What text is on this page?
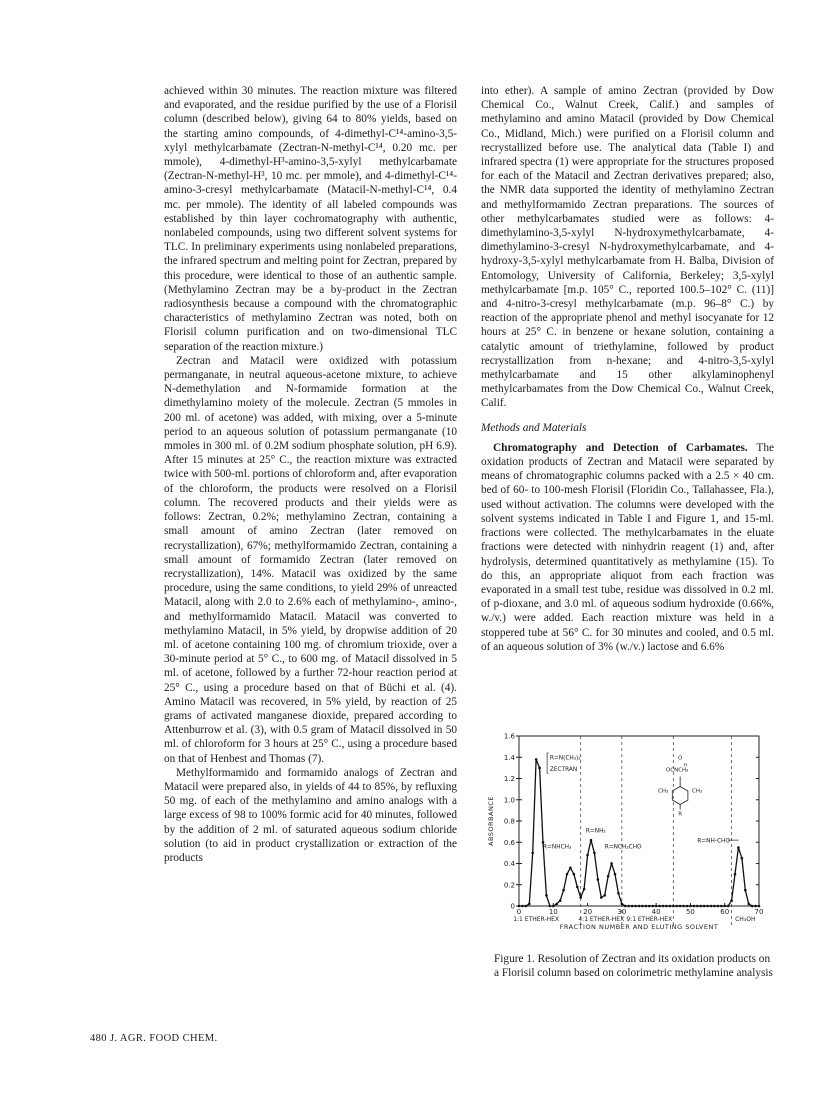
achieved within 30 minutes. The reaction mixture was filtered and evaporated, and the residue purified by the use of a Florisil column (described below), giving 64 to 80% yields, based on the starting amino compounds, of 4-dimethyl-C¹⁴-amino-3,5-xylyl methylcarbamate (Zectran-N-methyl-C¹⁴, 0.20 mc. per mmole), 4-dimethyl-H³-amino-3,5-xylyl methylcarbamate (Zectran-N-methyl-H³, 10 mc. per mmole), and 4-dimethyl-C¹⁴-amino-3-cresyl methylcarbamate (Matacil-N-methyl-C¹⁴, 0.4 mc. per mmole). The identity of all labeled compounds was established by thin layer cochromatography with authentic, nonlabeled compounds, using two different solvent systems for TLC. In preliminary experiments using nonlabeled preparations, the infrared spectrum and melting point for Zectran, prepared by this procedure, were identical to those of an authentic sample. (Methylamino Zectran may be a by-product in the Zectran radiosynthesis because a compound with the chromatographic characteristics of methylamino Zectran was noted, both on Florisil column purification and on two-dimensional TLC separation of the reaction mixture.)

Zectran and Matacil were oxidized with potassium permanganate, in neutral aqueous-acetone mixture, to achieve N-demethylation and N-formamide formation at the dimethylamino moiety of the molecule. Zectran (5 mmoles in 200 ml. of acetone) was added, with mixing, over a 5-minute period to an aqueous solution of potassium permanganate (10 mmoles in 300 ml. of 0.2M sodium phosphate solution, pH 6.9). After 15 minutes at 25° C., the reaction mixture was extracted twice with 500-ml. portions of chloroform and, after evaporation of the chloroform, the products were resolved on a Florisil column. The recovered products and their yields were as follows: Zectran, 0.2%; methylamino Zectran, containing a small amount of amino Zectran (later removed on recrystallization), 67%; methylformamido Zectran, containing a small amount of formamido Zectran (later removed on recrystallization), 14%. Matacil was oxidized by the same procedure, using the same conditions, to yield 29% of unreacted Matacil, along with 2.0 to 2.6% each of methylamino-, amino-, and methylformamido Matacil. Matacil was converted to methylamino Matacil, in 5% yield, by dropwise addition of 20 ml. of acetone containing 100 mg. of chromium trioxide, over a 30-minute period at 5° C., to 600 mg. of Matacil dissolved in 5 ml. of acetone, followed by a further 72-hour reaction period at 25° C., using a procedure based on that of Büchi et al. (4). Amino Matacil was recovered, in 5% yield, by reaction of 25 grams of activated manganese dioxide, prepared according to Attenburrow et al. (3), with 0.5 gram of Matacil dissolved in 50 ml. of chloroform for 3 hours at 25° C., using a procedure based on that of Henbest and Thomas (7).

Methylformamido and formamido analogs of Zectran and Matacil were prepared also, in yields of 44 to 85%, by refluxing 50 mg. of each of the methylamino and amino analogs with a large excess of 98 to 100% formic acid for 40 minutes, followed by the addition of 2 ml. of saturated aqueous sodium chloride solution (to aid in product crystallization or extraction of the products

into ether). A sample of amino Zectran (provided by Dow Chemical Co., Walnut Creek, Calif.) and samples of methylamino and amino Matacil (provided by Dow Chemical Co., Midland, Mich.) were purified on a Florisil column and recrystallized before use. The analytical data (Table I) and infrared spectra (1) were appropriate for the structures proposed for each of the Matacil and Zectran derivatives prepared; also, the NMR data supported the identity of methylamino Zectran and methylformamido Zectran preparations. The sources of other methylcarbamates studied were as follows: 4-dimethylamino-3,5-xylyl N-hydroxymethylcarbamate, 4-dimethylamino-3-cresyl N-hydroxymethylcarbamate, and 4-hydroxy-3,5-xylyl methylcarbamate from H. Balba, Division of Entomology, University of California, Berkeley; 3,5-xylyl methylcarbamate [m.p. 105° C., reported 100.5–102° C. (11)] and 4-nitro-3-cresyl methylcarbamate (m.p. 96–8° C.) by reaction of the appropriate phenol and methyl isocyanate for 12 hours at 25° C. in benzene or hexane solution, containing a catalytic amount of triethylamine, followed by product recrystallization from n-hexane; and 4-nitro-3,5-xylyl methylcarbamate and 15 other alkylaminophenyl methylcarbamates from the Dow Chemical Co., Walnut Creek, Calif.

Methods and Materials

Chromatography and Detection of Carbamates. The oxidation products of Zectran and Matacil were separated by means of chromatographic columns packed with a 2.5 × 40 cm. bed of 60- to 100-mesh Florisil (Floridin Co., Tallahassee, Fla.), used without activation. The columns were developed with the solvent systems indicated in Table I and Figure 1, and 15-ml. fractions were collected. The methylcarbamates in the eluate fractions were detected with ninhydrin reagent (1) and, after hydrolysis, determined quantitatively as methylamine (15). To do this, an appropriate aliquot from each fraction was evaporated in a small test tube, residue was dissolved in 0.2 ml. of p-dioxane, and 3.0 ml. of aqueous sodium hydroxide (0.66%, w./v.) were added. Each reaction mixture was held in a stoppered tube at 56° C. for 30 minutes and cooled, and 0.5 ml. of an aqueous solution of 3% (w./v.) lactose and 6.6%

0
0.2
0.4
0.6
0.8
1.0
1.2
1.4
1.6
0	10	20	30	40	50	60	70
1:1 ETHER-HEX	4:1 ETHER-HEX 9:1 ETHER-HEX	CH₃OH
FRACTION NUMBER AND ELUTING SOLVENT
ABSORBANCE
R=N(CH₃)₂
ZECTRAN
R=NH₂
R=NHCH₃	R=NCH₂CHO
R=NH-CHO
O
OCNCH₃
H
CH₃	CH₃
R
Figure 1. Resolution of Zectran and its oxidation products on a Florisil column based on colorimetric methylamine analysis
480 J. AGR. FOOD CHEM.
